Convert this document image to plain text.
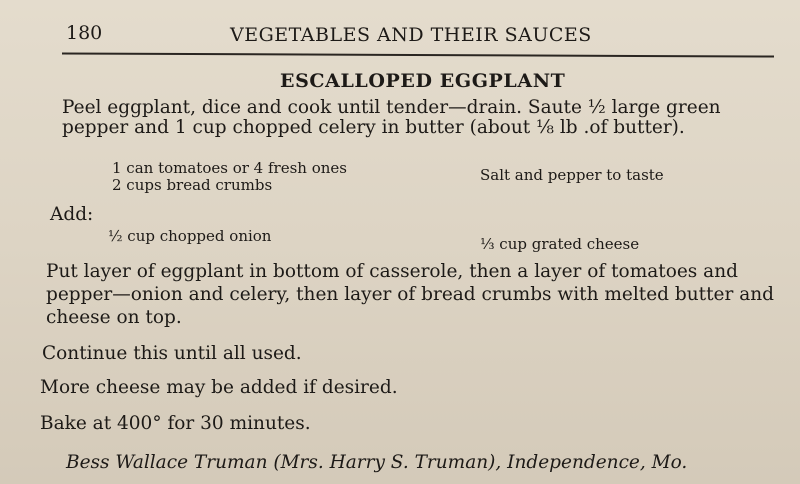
180	VEGETABLES AND THEIR SAUCES
ESCALLOPED EGGPLANT
Peel eggplant, dice and cook until tender—drain. Saute ½ large green pepper and 1 cup chopped celery in butter (about ⅛ lb .of butter).
1 can tomatoes or 4 fresh ones
2 cups bread crumbs
Salt and pepper to taste
Add:
½ cup chopped onion	⅓ cup grated cheese
Put layer of eggplant in bottom of casserole, then a layer of tomatoes and pepper—onion and celery, then layer of bread crumbs with melted butter and cheese on top.
Continue this until all used.
More cheese may be added if desired.
Bake at 400° for 30 minutes.
Bess Wallace Truman (Mrs. Harry S. Truman), Independence, Mo.
